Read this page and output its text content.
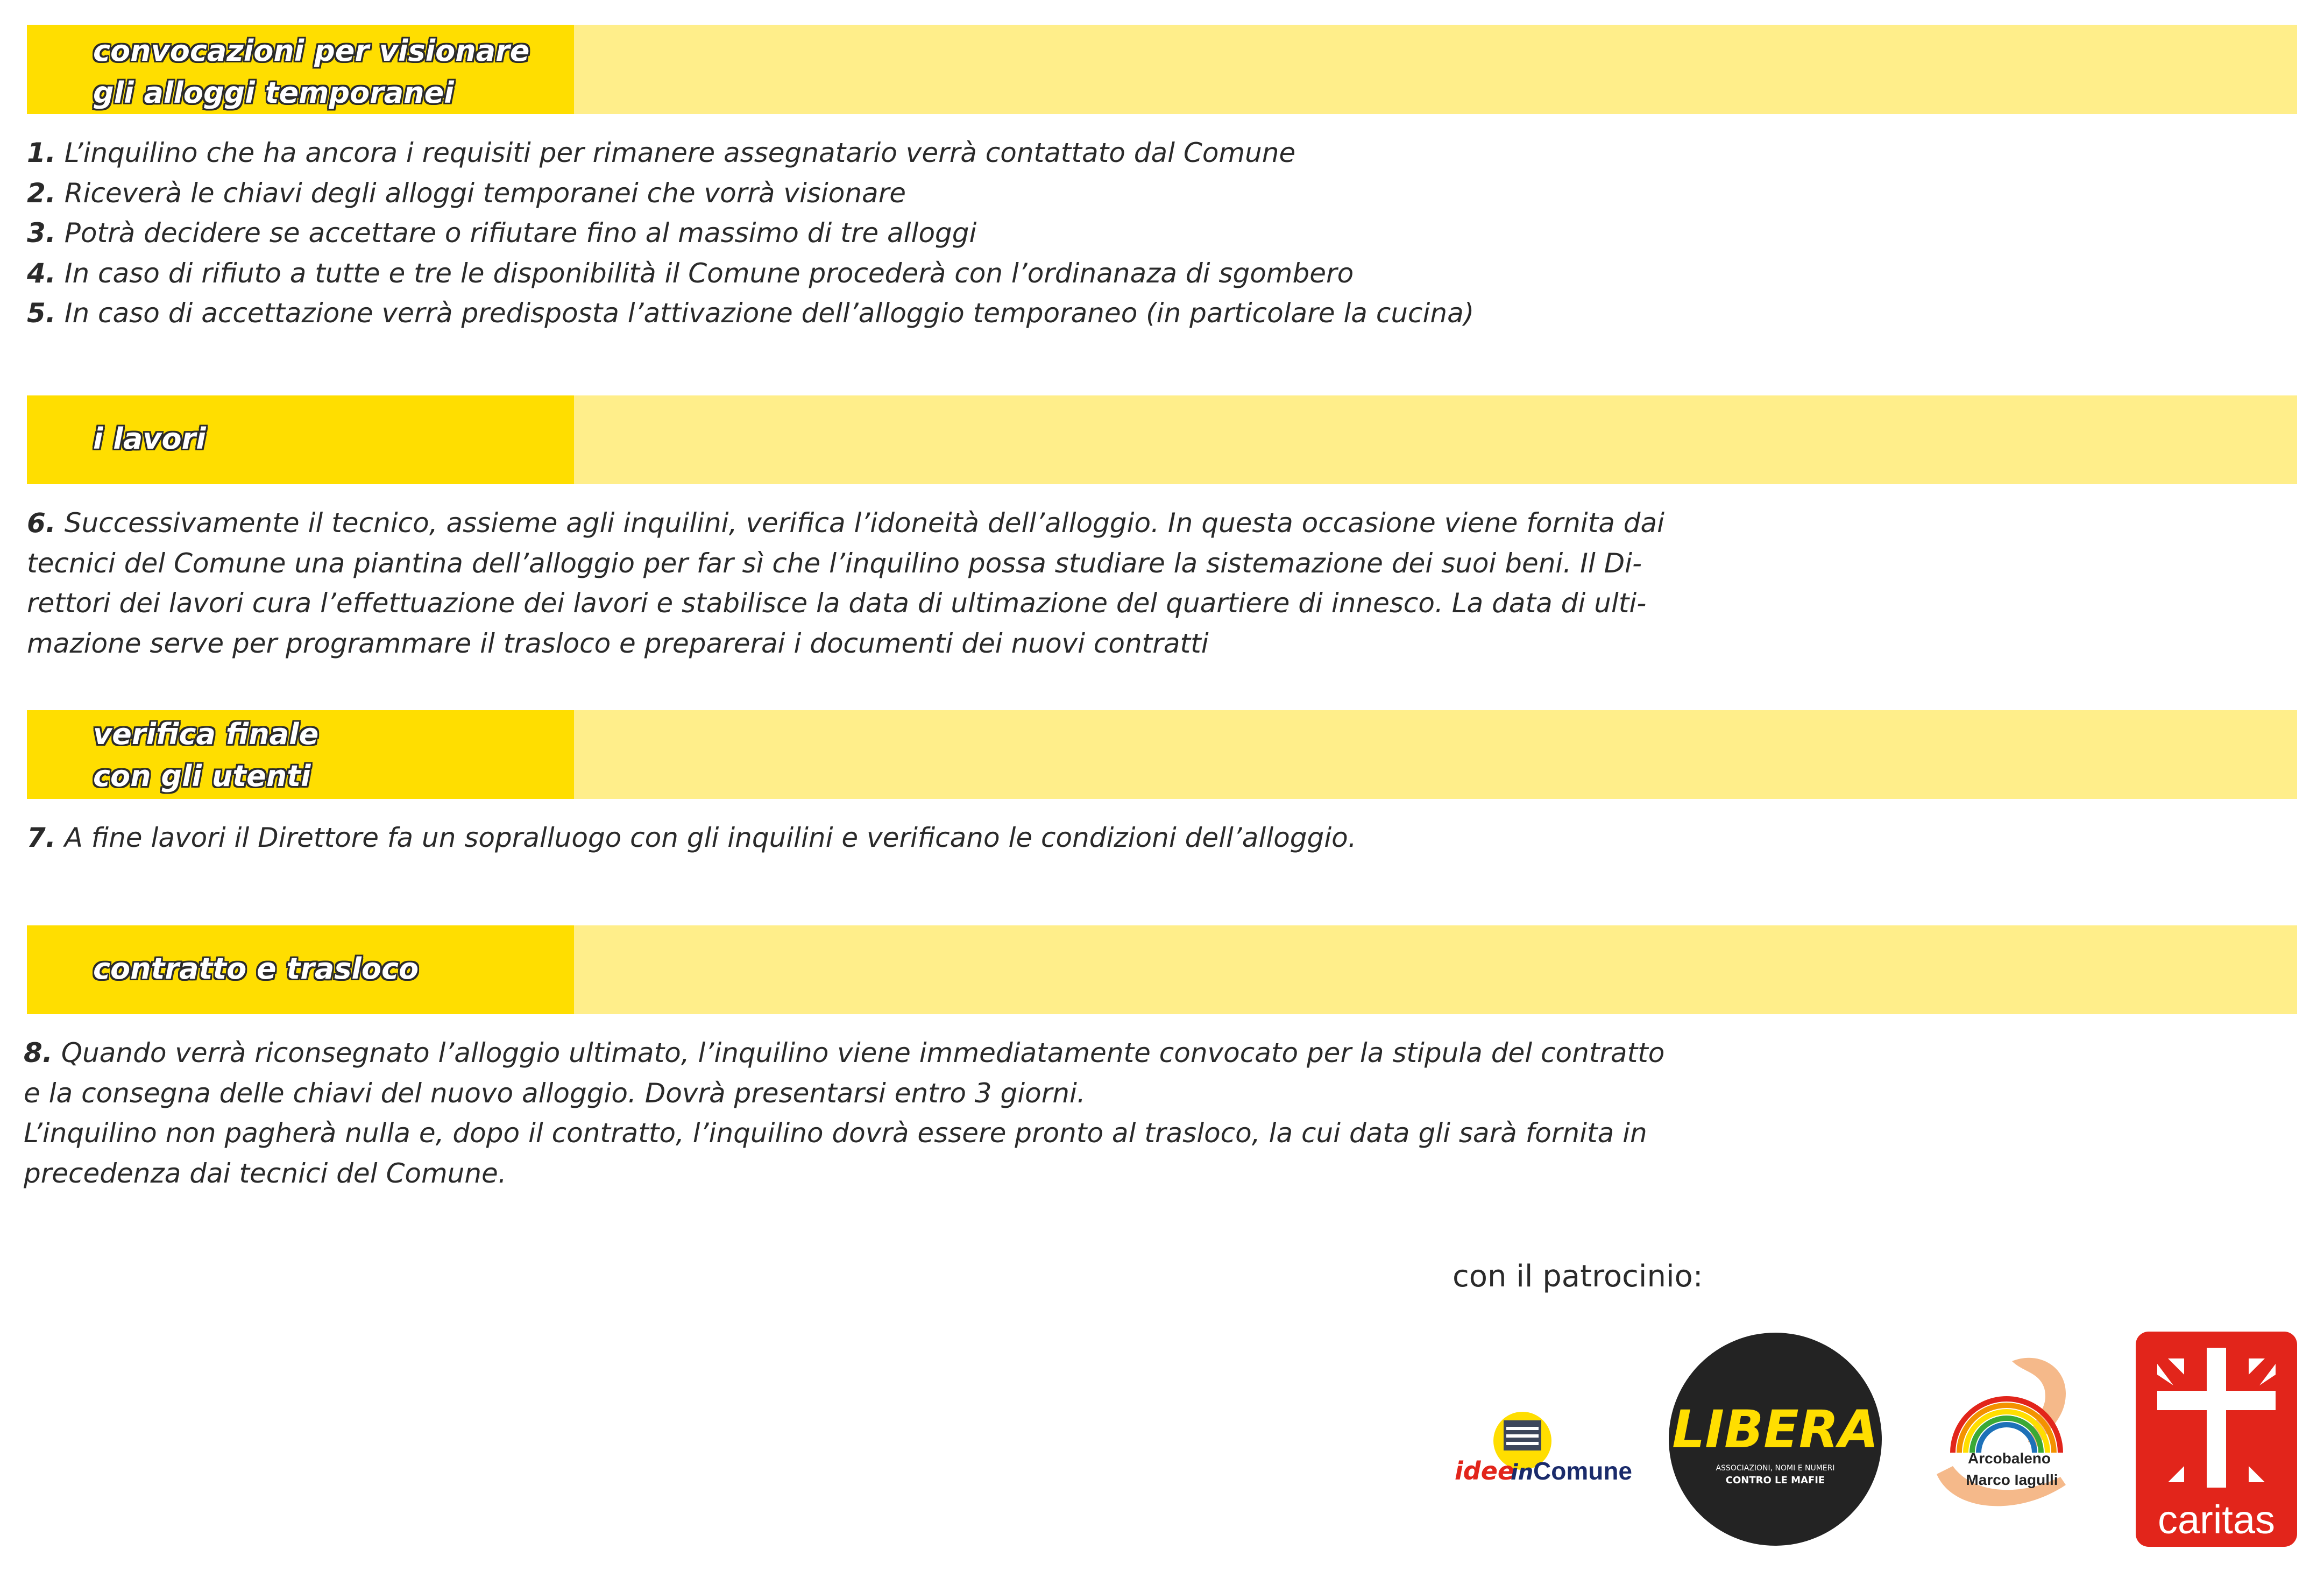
convocazioni per visionare
gli alloggi temporanei
1. L’inquilino che ha ancora i requisiti per rimanere assegnatario verrà contattato dal Comune
2. Riceverà le chiavi degli alloggi temporanei che vorrà visionare
3. Potrà decidere se accettare o rifiutare fino al massimo di tre alloggi
4. In caso di rifiuto a tutte e tre le disponibilità il Comune procederà con l’ordinanaza di sgombero
5. In caso di accettazione verrà predisposta l’attivazione dell’alloggio temporaneo (in particolare la cucina)
i lavori
6. Successivamente il tecnico, assieme agli inquilini, verifica l’idoneità dell’alloggio. In questa occasione viene fornita dai
tecnici del Comune una piantina dell’alloggio per far sì che l’inquilino possa studiare la sistemazione dei suoi beni. Il Di-
rettori dei lavori cura l’effettuazione dei lavori e stabilisce la data di ultimazione del quartiere di innesco. La data di ulti-
mazione serve per programmare il trasloco e preparerai i documenti dei nuovi contratti
verifica finale
con gli utenti
7. A fine lavori il Direttore fa un sopralluogo con gli inquilini e verificano le condizioni dell’alloggio.
contratto e trasloco
8. Quando verrà riconsegnato l’alloggio ultimato, l’inquilino viene immediatamente convocato per la stipula del contratto
e la consegna delle chiavi del nuovo alloggio. Dovrà presentarsi entro 3 giorni.
L’inquilino non pagherà nulla e, dopo il contratto, l’inquilino dovrà essere pronto al trasloco, la cui data gli sarà fornita in
precedenza dai tecnici del Comune.
con il patrocinio:
idee
in Comune
LIBERA
ASSOCIAZIONI, NOMI E NUMERI
CONTRO LE MAFIE
Arcobaleno
Marco Iagulli
caritas
